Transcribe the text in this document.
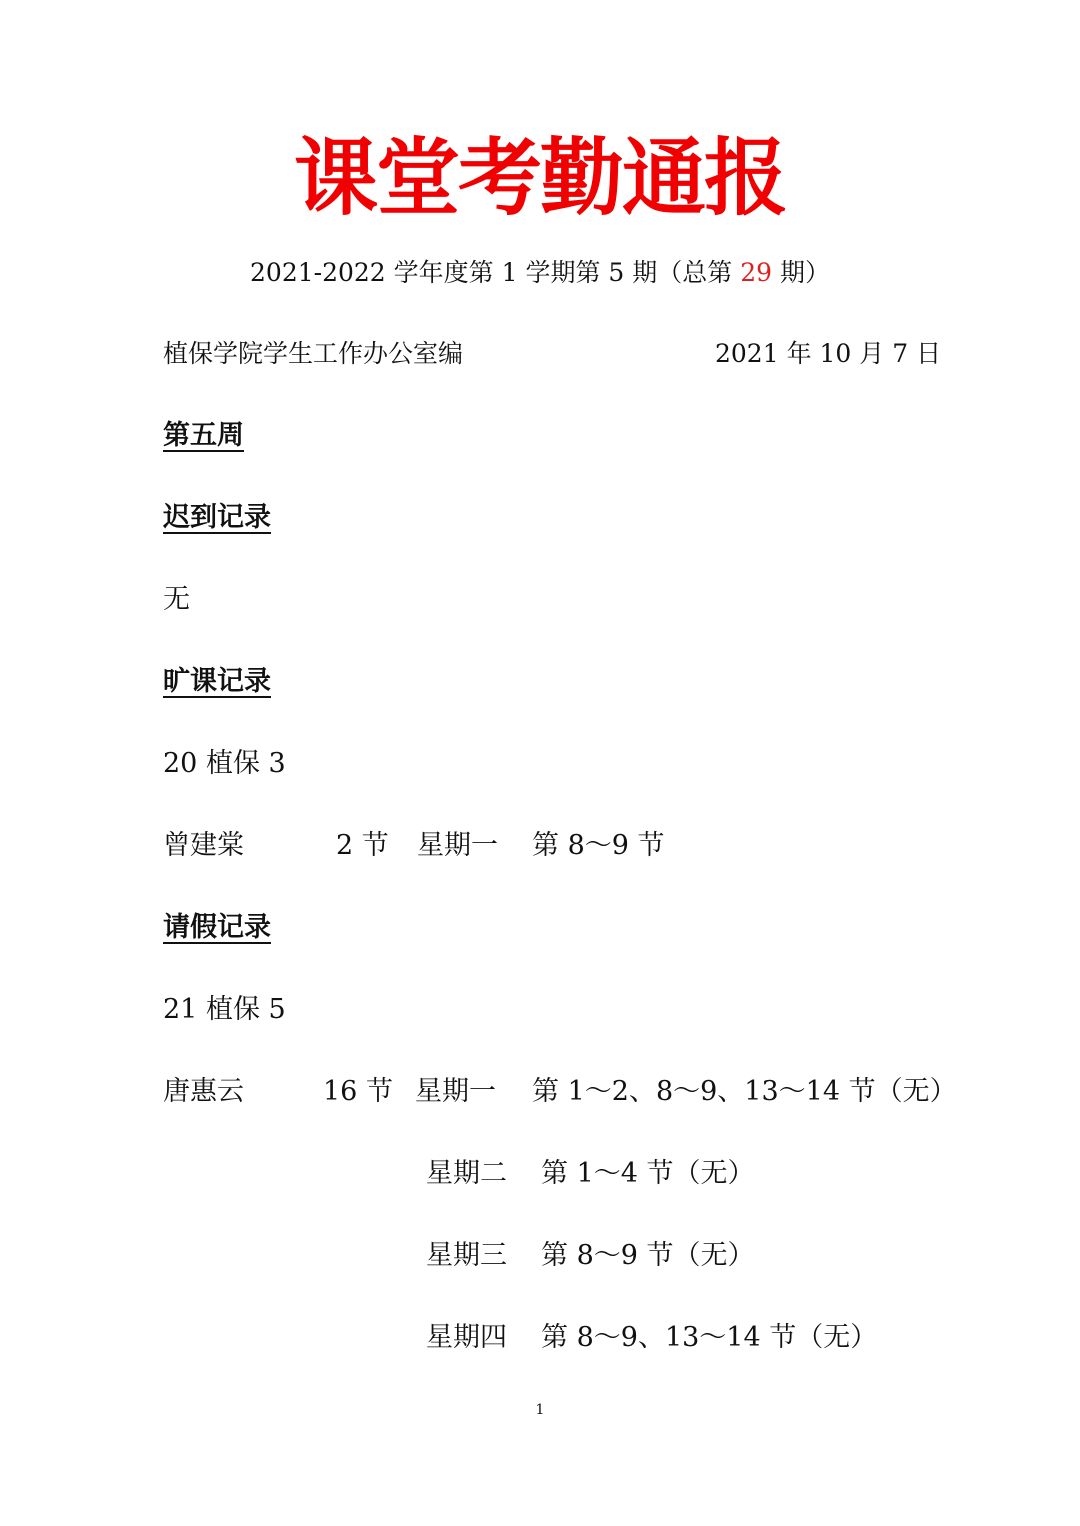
课堂考勤通报
2021-2022 学年度第 1 学期第 5 期（总第 29 期）
植保学院学生工作办公室编	2021 年 10 月 7 日
第五周
迟到记录
无
旷课记录
20 植保 3
曾建棠	2 节 星期一 第 8～9 节
请假记录
21 植保 5
唐惠云	16 节 星期一 第 1～2、8～9、13～14 节（无）
星期二 第 1～4 节（无）
星期三 第 8～9 节（无）
星期四 第 8～9、13～14 节（无）
1
